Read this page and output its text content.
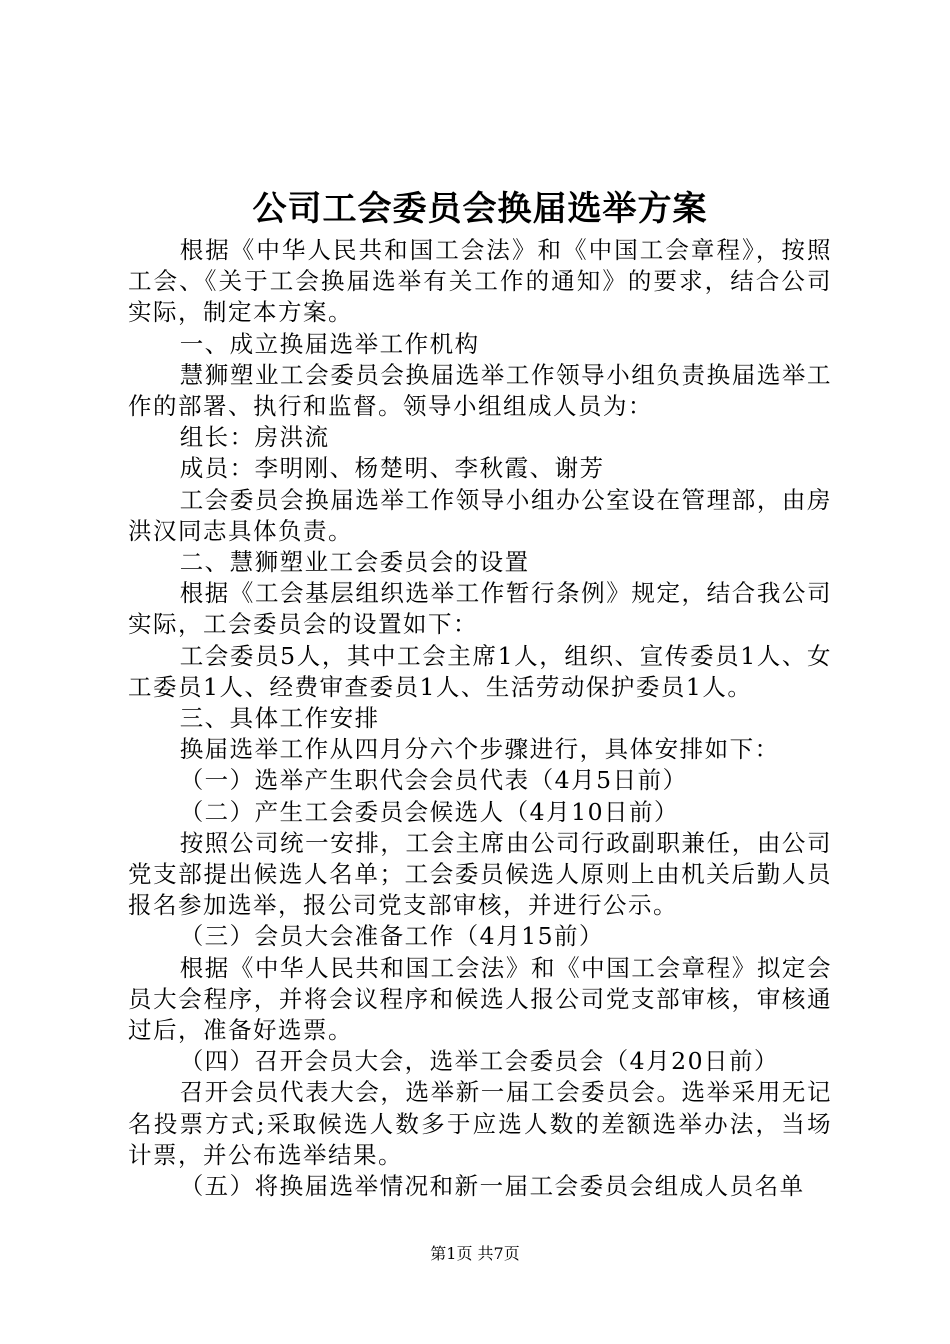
公司工会委员会换届选举方案

根据《中华人民共和国工会法》和《中国工会章程》，按照工会、《关于工会换届选举有关工作的通知》的要求，结合公司实际，制定本方案。

一、成立换届选举工作机构

慧狮塑业工会委员会换届选举工作领导小组负责换届选举工作的部署、执行和监督。领导小组组成人员为：

组长：房洪流

成员：李明刚、杨楚明、李秋霞、谢芳

工会委员会换届选举工作领导小组办公室设在管理部，由房洪汉同志具体负责。

二、慧狮塑业工会委员会的设置

根据《工会基层组织选举工作暂行条例》规定，结合我公司实际，工会委员会的设置如下：

工会委员5人，其中工会主席1人，组织、宣传委员1人、女工委员1人、经费审查委员1人、生活劳动保护委员1人。

三、具体工作安排

换届选举工作从四月分六个步骤进行，具体安排如下：

（一）选举产生职代会会员代表（4月5日前）

（二）产生工会委员会候选人（4月10日前）

按照公司统一安排，工会主席由公司行政副职兼任，由公司党支部提出候选人名单；工会委员候选人原则上由机关后勤人员报名参加选举，报公司党支部审核，并进行公示。

（三）会员大会准备工作（4月15前）

根据《中华人民共和国工会法》和《中国工会章程》拟定会员大会程序，并将会议程序和候选人报公司党支部审核，审核通过后，准备好选票。

（四）召开会员大会，选举工会委员会（4月20日前）

召开会员代表大会，选举新一届工会委员会。选举采用无记名投票方式;采取候选人数多于应选人数的差额选举办法，当场计票，并公布选举结果。

（五）将换届选举情况和新一届工会委员会组成人员名单

第1页 共7页
